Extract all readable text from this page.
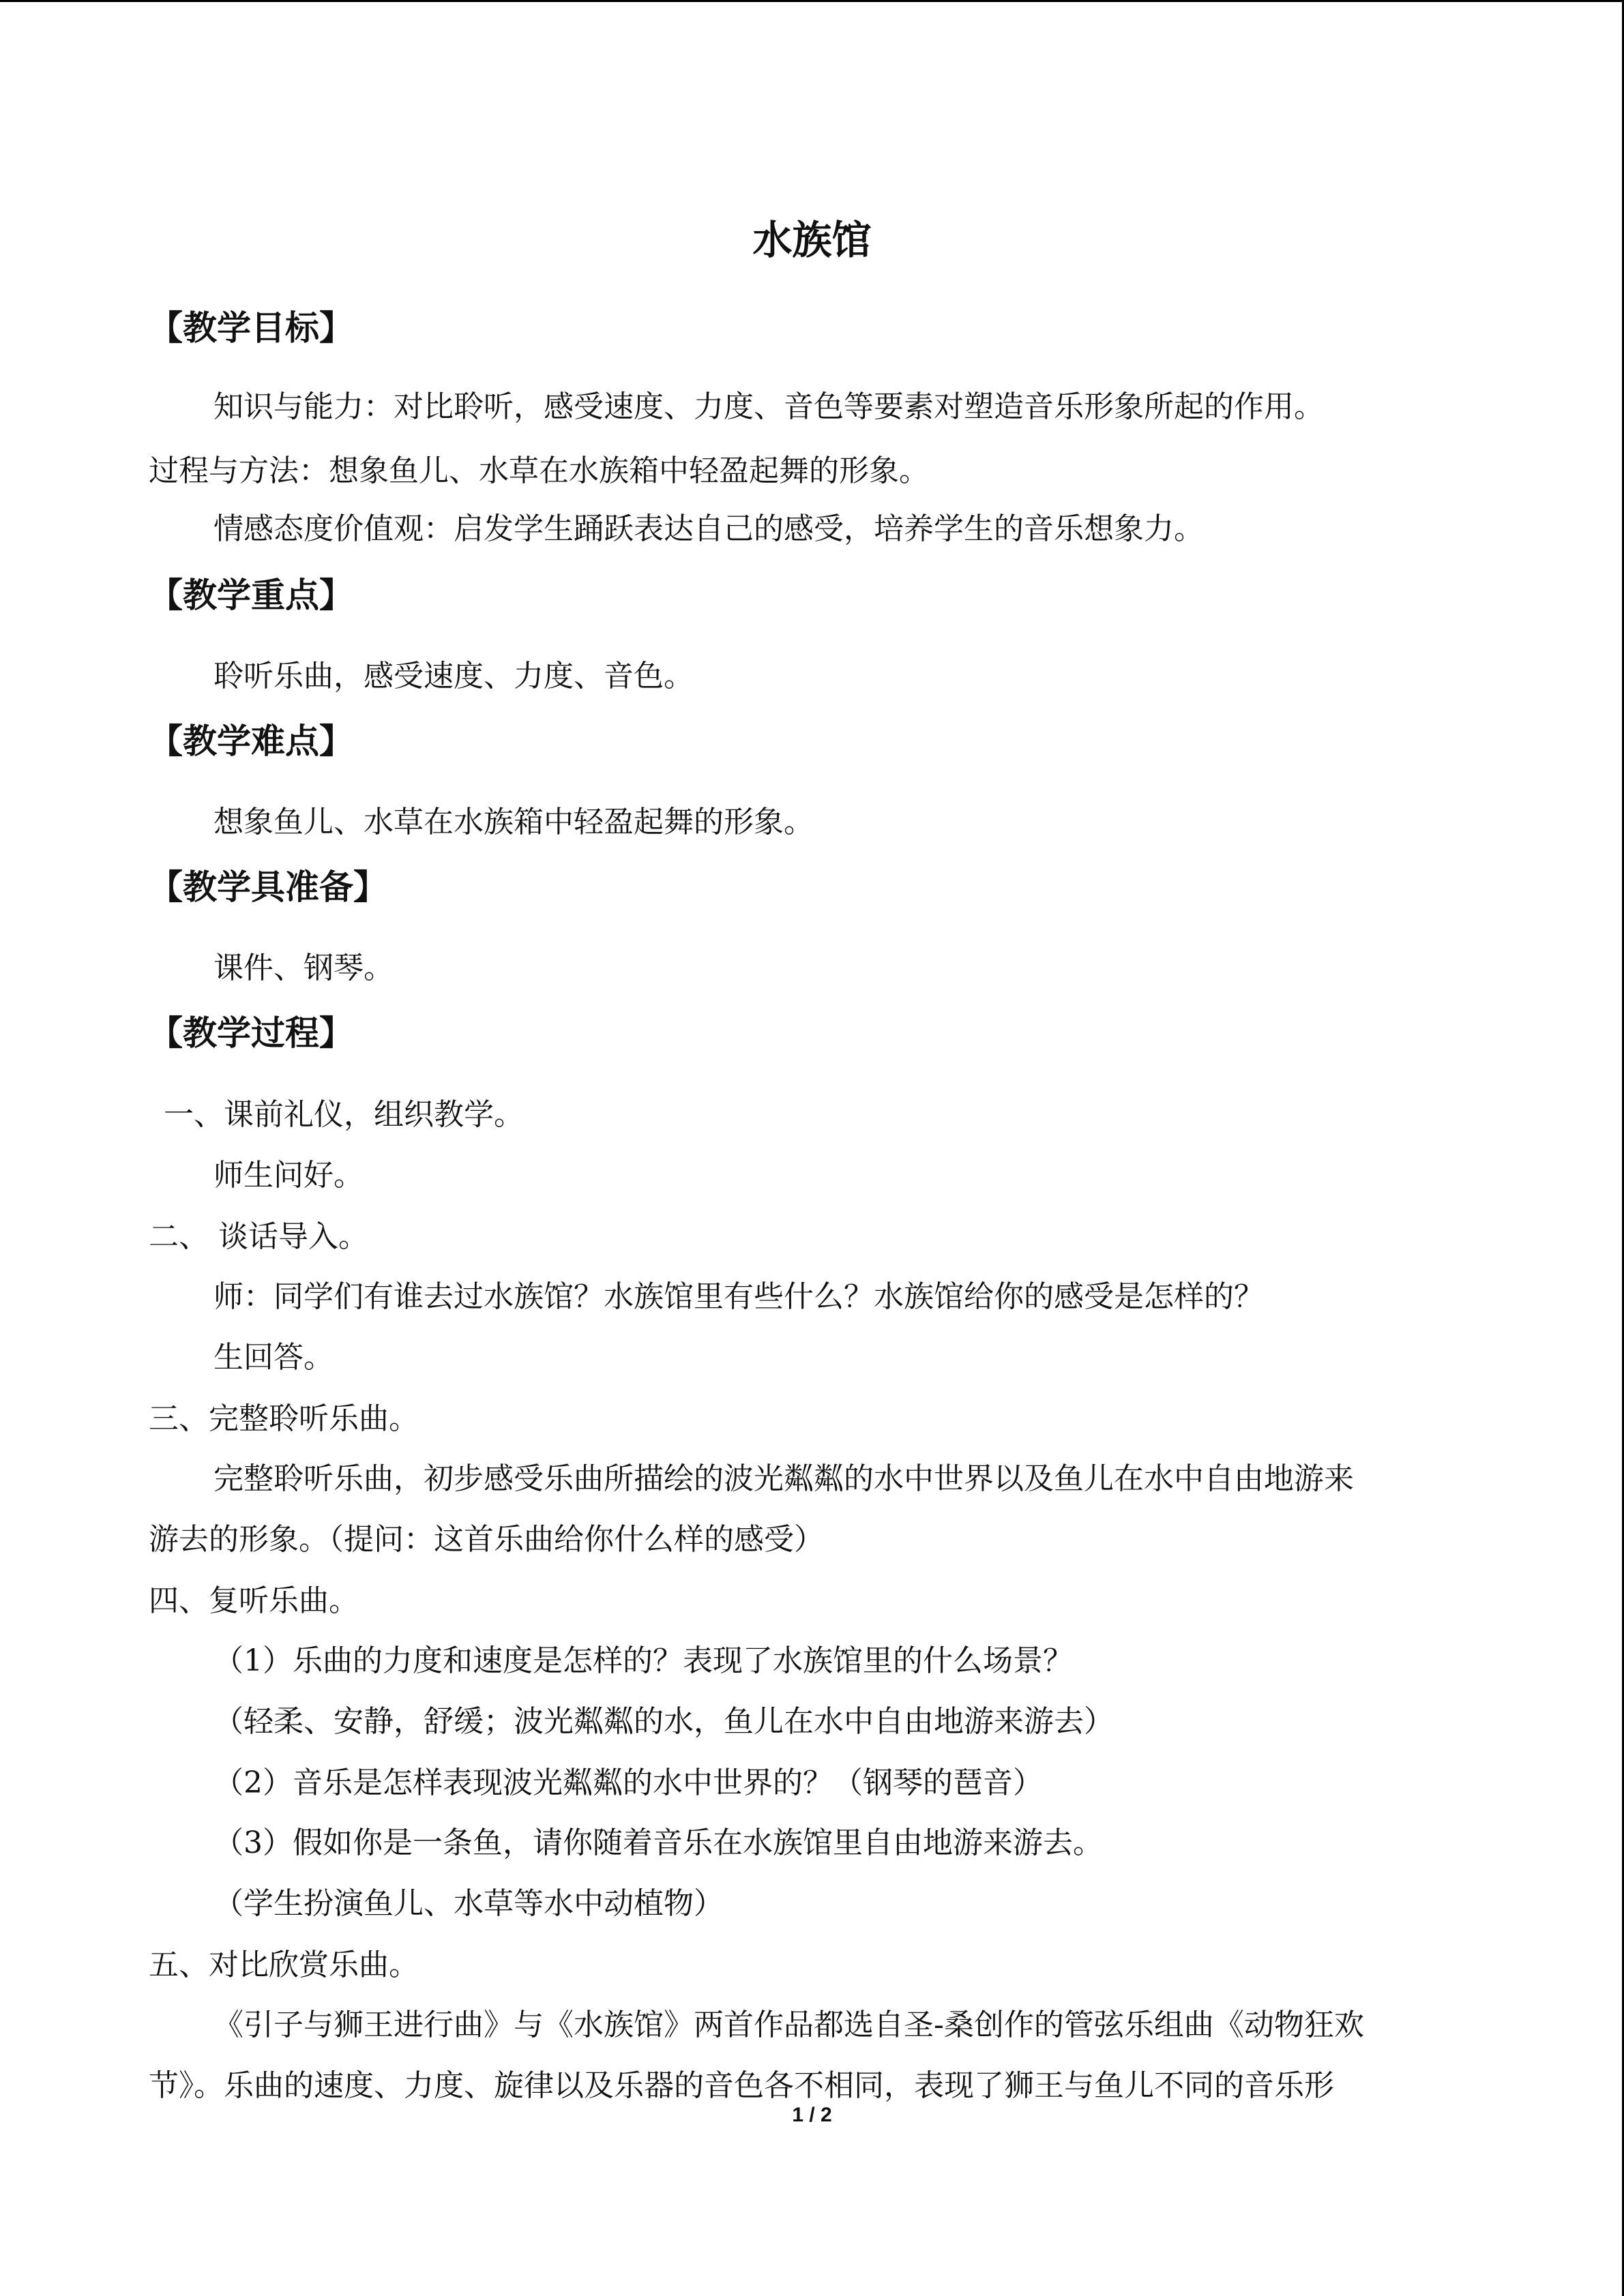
水族馆
【教学目标】
知识与能力：对比聆听，感受速度、力度、音色等要素对塑造音乐形象所起的作用。
过程与方法：想象鱼儿、水草在水族箱中轻盈起舞的形象。
情感态度价值观：启发学生踊跃表达自己的感受，培养学生的音乐想象力。
【教学重点】
聆听乐曲，感受速度、力度、音色。
【教学难点】
想象鱼儿、水草在水族箱中轻盈起舞的形象。
【教学具准备】
课件、钢琴。
【教学过程】
一、课前礼仪，组织教学。
师生问好。
二、 谈话导入。
师：同学们有谁去过水族馆？水族馆里有些什么？水族馆给你的感受是怎样的？
生回答。
三、完整聆听乐曲。
完整聆听乐曲，初步感受乐曲所描绘的波光粼粼的水中世界以及鱼儿在水中自由地游来
游去的形象。（提问：这首乐曲给你什么样的感受）
四、复听乐曲。
（1）乐曲的力度和速度是怎样的？表现了水族馆里的什么场景？
（轻柔、安静，舒缓；波光粼粼的水，鱼儿在水中自由地游来游去）
（2）音乐是怎样表现波光粼粼的水中世界的？（钢琴的琶音）
（3）假如你是一条鱼，请你随着音乐在水族馆里自由地游来游去。
（学生扮演鱼儿、水草等水中动植物）
五、对比欣赏乐曲。
《引子与狮王进行曲》与《水族馆》两首作品都选自圣-桑创作的管弦乐组曲《动物狂欢
节》。乐曲的速度、力度、旋律以及乐器的音色各不相同，表现了狮王与鱼儿不同的音乐形
1 / 2
